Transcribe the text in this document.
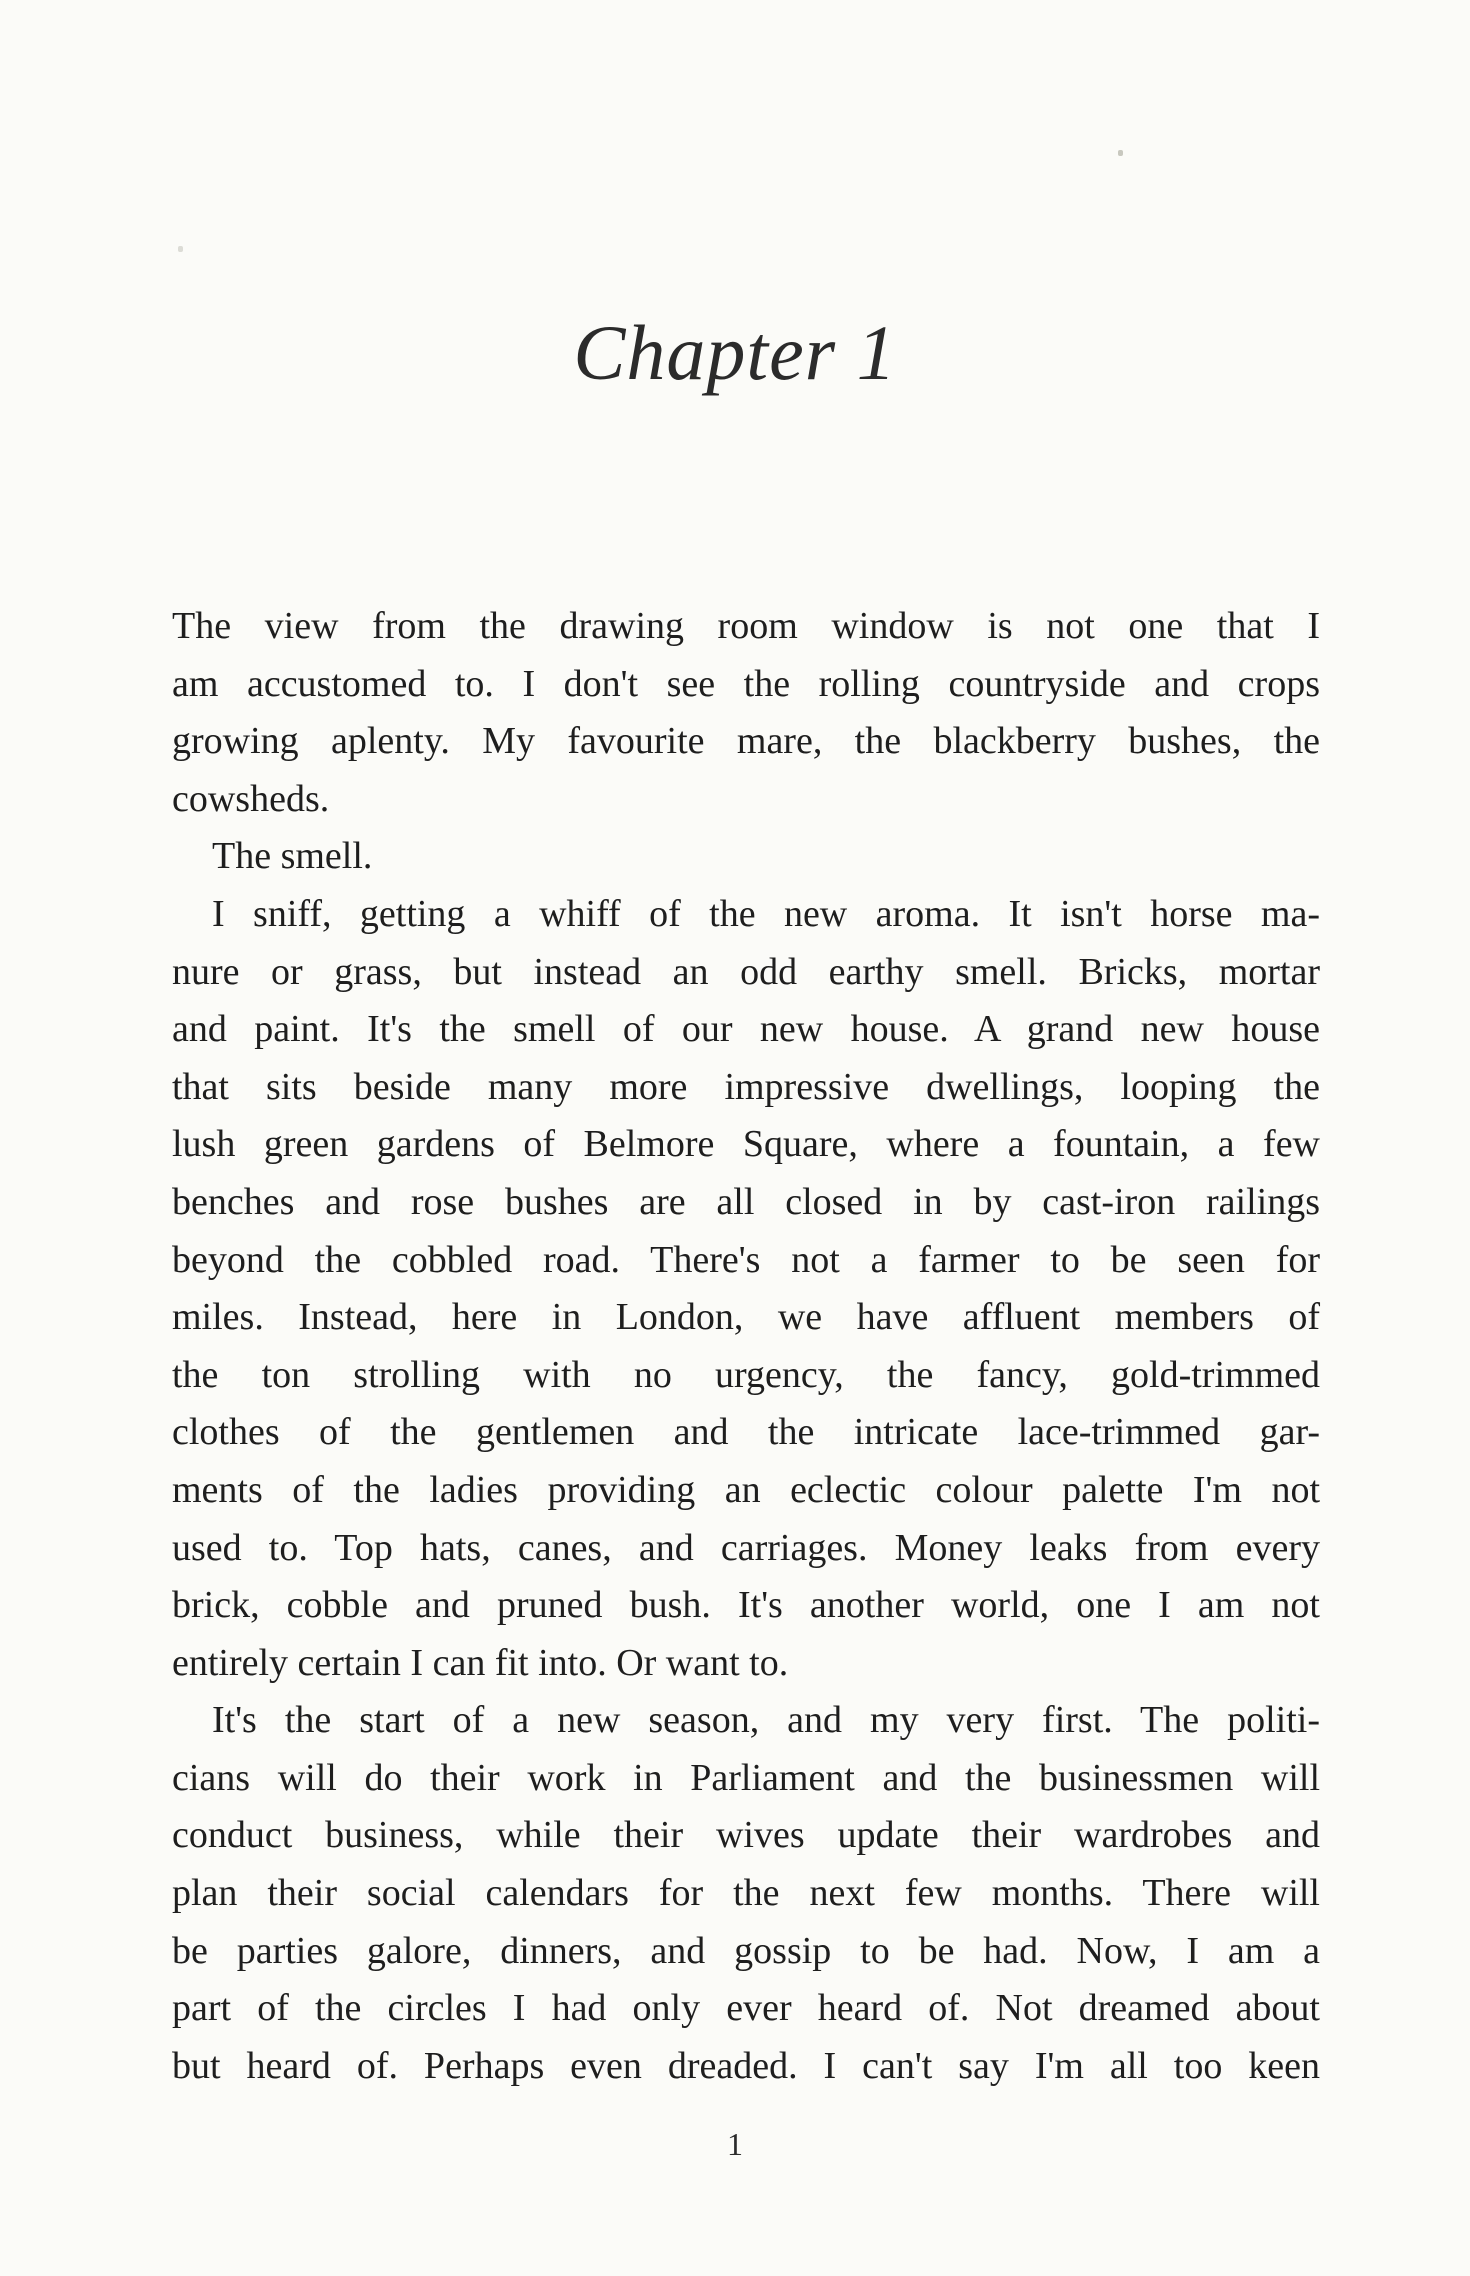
Chapter 1
The view from the drawing room window is not one that I
am accustomed to. I don't see the rolling countryside and crops
growing aplenty. My favourite mare, the blackberry bushes, the
cowsheds.
The smell.
I sniff, getting a whiff of the new aroma. It isn't horse ma-
nure or grass, but instead an odd earthy smell. Bricks, mortar
and paint. It's the smell of our new house. A grand new house
that sits beside many more impressive dwellings, looping the
lush green gardens of Belmore Square, where a fountain, a few
benches and rose bushes are all closed in by cast-iron railings
beyond the cobbled road. There's not a farmer to be seen for
miles. Instead, here in London, we have affluent members of
the ton strolling with no urgency, the fancy, gold-trimmed
clothes of the gentlemen and the intricate lace-trimmed gar-
ments of the ladies providing an eclectic colour palette I'm not
used to. Top hats, canes, and carriages. Money leaks from every
brick, cobble and pruned bush. It's another world, one I am not
entirely certain I can fit into. Or want to.
It's the start of a new season, and my very first. The politi-
cians will do their work in Parliament and the businessmen will
conduct business, while their wives update their wardrobes and
plan their social calendars for the next few months. There will
be parties galore, dinners, and gossip to be had. Now, I am a
part of the circles I had only ever heard of. Not dreamed about
but heard of. Perhaps even dreaded. I can't say I'm all too keen
1
